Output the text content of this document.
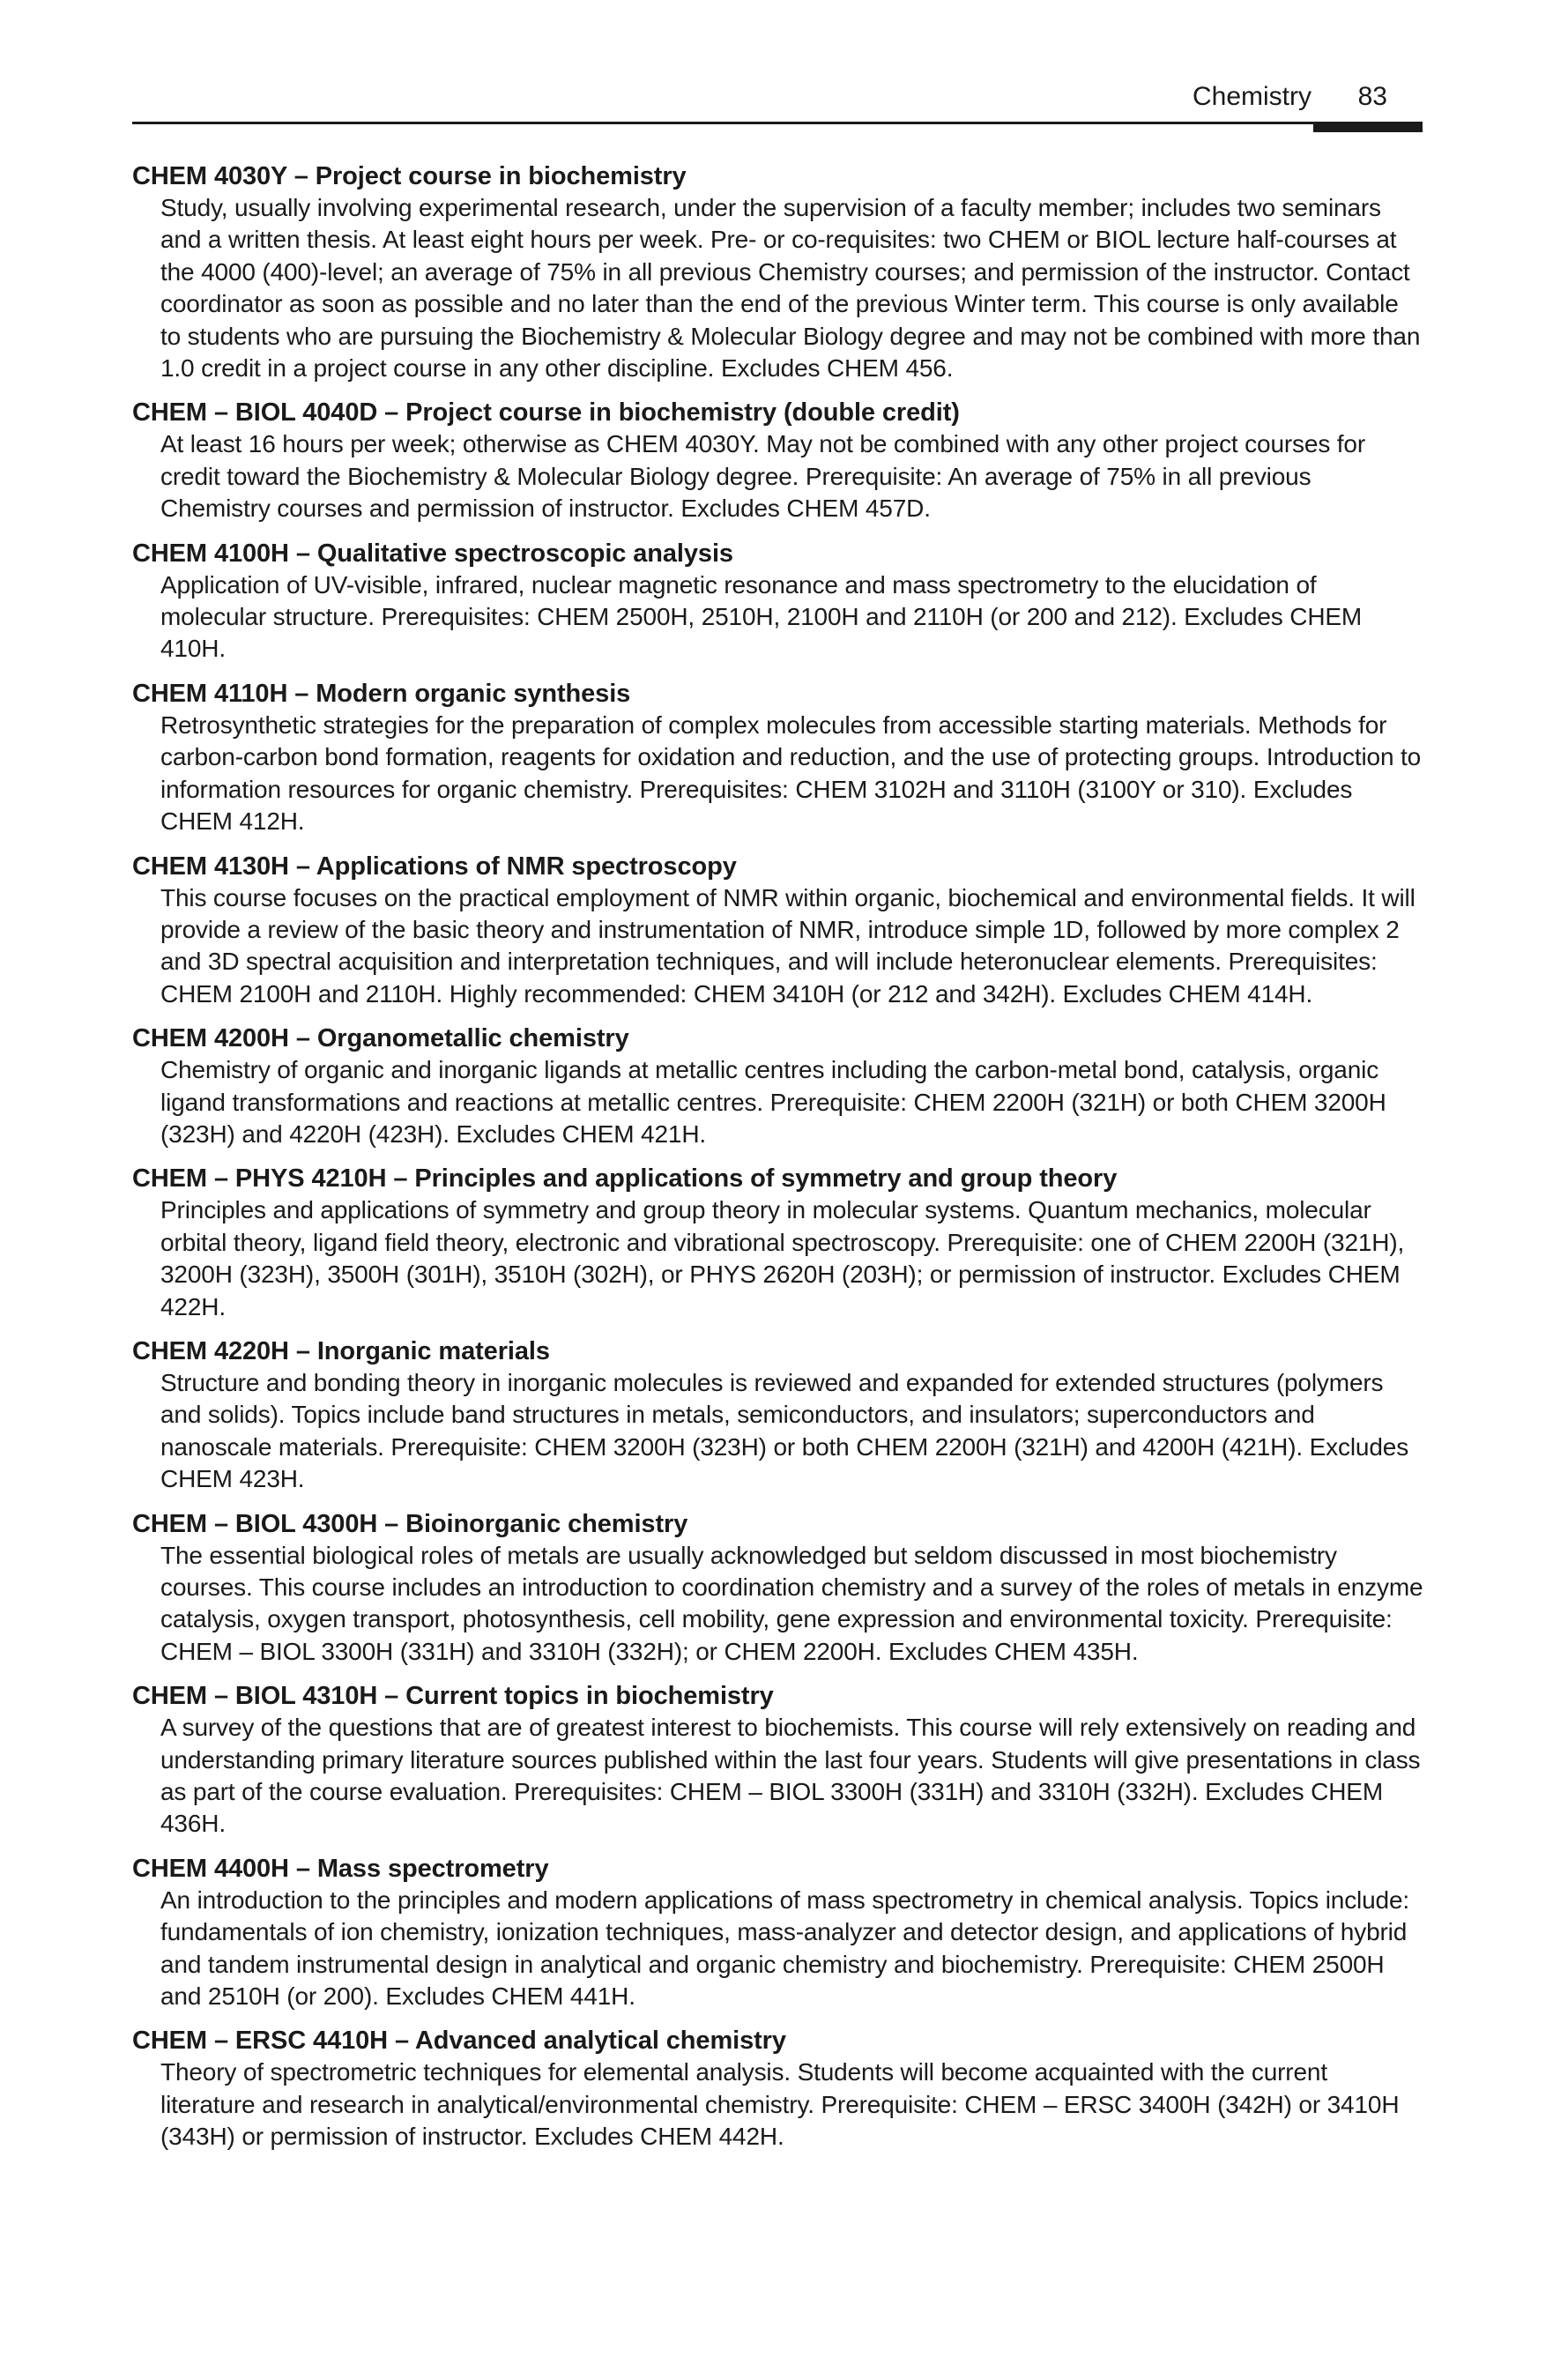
Chemistry 83

CHEM 4030Y – Project course in biochemistry

Study, usually involving experimental research, under the supervision of a faculty member; includes two seminars and a written thesis. At least eight hours per week. Pre- or co-requisites: two CHEM or BIOL lecture half-courses at the 4000 (400)-level; an average of 75% in all previous Chemistry courses; and permission of the instructor. Contact coordinator as soon as possible and no later than the end of the previous Winter term. This course is only available to students who are pursuing the Biochemistry & Molecular Biology degree and may not be combined with more than 1.0 credit in a project course in any other discipline. Excludes CHEM 456.

CHEM – BIOL 4040D – Project course in biochemistry (double credit)

At least 16 hours per week; otherwise as CHEM 4030Y. May not be combined with any other project courses for credit toward the Biochemistry & Molecular Biology degree. Prerequisite: An average of 75% in all previous Chemistry courses and permission of instructor. Excludes CHEM 457D.

CHEM 4100H – Qualitative spectroscopic analysis

Application of UV-visible, infrared, nuclear magnetic resonance and mass spectrometry to the elucidation of molecular structure. Prerequisites: CHEM 2500H, 2510H, 2100H and 2110H (or 200 and 212). Excludes CHEM 410H.

CHEM 4110H – Modern organic synthesis

Retrosynthetic strategies for the preparation of complex molecules from accessible starting materials. Methods for carbon-carbon bond formation, reagents for oxidation and reduction, and the use of protecting groups. Introduction to information resources for organic chemistry. Prerequisites: CHEM 3102H and 3110H (3100Y or 310). Excludes CHEM 412H.

CHEM 4130H – Applications of NMR spectroscopy

This course focuses on the practical employment of NMR within organic, biochemical and environmental fields. It will provide a review of the basic theory and instrumentation of NMR, introduce simple 1D, followed by more complex 2 and 3D spectral acquisition and interpretation techniques, and will include heteronuclear elements. Prerequisites: CHEM 2100H and 2110H. Highly recommended: CHEM 3410H (or 212 and 342H). Excludes CHEM 414H.

CHEM 4200H – Organometallic chemistry

Chemistry of organic and inorganic ligands at metallic centres including the carbon-metal bond, catalysis, organic ligand transformations and reactions at metallic centres. Prerequisite: CHEM 2200H (321H) or both CHEM 3200H (323H) and 4220H (423H). Excludes CHEM 421H.

CHEM – PHYS 4210H – Principles and applications of symmetry and group theory

Principles and applications of symmetry and group theory in molecular systems. Quantum mechanics, molecular orbital theory, ligand field theory, electronic and vibrational spectroscopy. Prerequisite: one of CHEM 2200H (321H), 3200H (323H), 3500H (301H), 3510H (302H), or PHYS 2620H (203H); or permission of instructor. Excludes CHEM 422H.

CHEM 4220H – Inorganic materials

Structure and bonding theory in inorganic molecules is reviewed and expanded for extended structures (polymers and solids). Topics include band structures in metals, semiconductors, and insulators; superconductors and nanoscale materials. Prerequisite: CHEM 3200H (323H) or both CHEM 2200H (321H) and 4200H (421H). Excludes CHEM 423H.

CHEM – BIOL 4300H – Bioinorganic chemistry

The essential biological roles of metals are usually acknowledged but seldom discussed in most biochemistry courses. This course includes an introduction to coordination chemistry and a survey of the roles of metals in enzyme catalysis, oxygen transport, photosynthesis, cell mobility, gene expression and environmental toxicity. Prerequisite: CHEM – BIOL 3300H (331H) and 3310H (332H); or CHEM 2200H. Excludes CHEM 435H.

CHEM – BIOL 4310H – Current topics in biochemistry

A survey of the questions that are of greatest interest to biochemists. This course will rely extensively on reading and understanding primary literature sources published within the last four years. Students will give presentations in class as part of the course evaluation. Prerequisites: CHEM – BIOL 3300H (331H) and 3310H (332H). Excludes CHEM 436H.

CHEM 4400H – Mass spectrometry

An introduction to the principles and modern applications of mass spectrometry in chemical analysis. Topics include: fundamentals of ion chemistry, ionization techniques, mass-analyzer and detector design, and applications of hybrid and tandem instrumental design in analytical and organic chemistry and biochemistry. Prerequisite: CHEM 2500H and 2510H (or 200). Excludes CHEM 441H.

CHEM – ERSC 4410H – Advanced analytical chemistry

Theory of spectrometric techniques for elemental analysis. Students will become acquainted with the current literature and research in analytical/environmental chemistry. Prerequisite: CHEM – ERSC 3400H (342H) or 3410H (343H) or permission of instructor. Excludes CHEM 442H.
